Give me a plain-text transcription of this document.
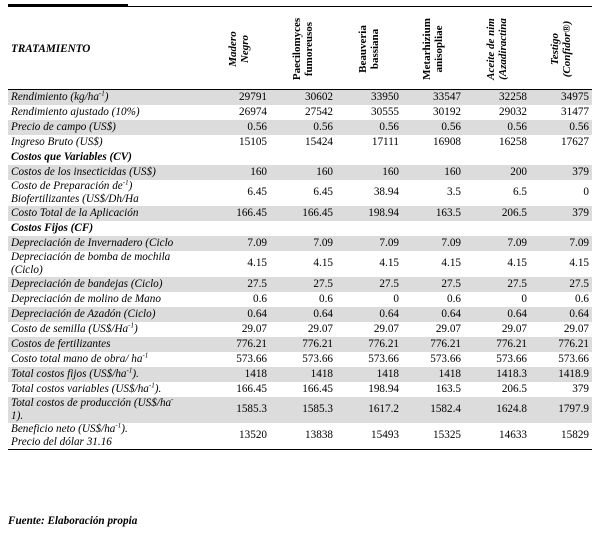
TRATAMIENTO	Madero Negro	Paecilomyces fumoreusos	Beauveria bassiana	Metarhizium anisopliae	Aceite de nim (Azadiractina	Testigo (Confidor®)

Rendimiento $(kg/ha^{-1})$	29791	30602	33950	33547	32258	34975
Rendimiento ajustado (10%)	26974	27542	30555	30192	29032	31477
Precio de campo (US$)	0.56	0.56	0.56	0.56	0.56	0.56
Ingreso Bruto (US$)	15105	15424	17111	16908	16258	17627
Costos que Variables (CV)						
Costos de los insecticidas (US$)	160	160	160	160	200	379
Costo de Preparación $de^{-1}$)
Biofertilizantes (US$/Dh/Ha	6.45	6.45	38.94	3.5	6.5	0
Costo Total de la Aplicación	166.45	166.45	198.94	163.5	206.5	379
Costos Fijos (CF)						
Depreciación de Invernadero (Ciclo	7.09	7.09	7.09	7.09	7.09	7.09
Depreciación de bomba de mochila
(Ciclo)	4.15	4.15	4.15	4.15	4.15	4.15
Depreciación de bandejas (Ciclo)	27.5	27.5	27.5	27.5	27.5	27.5
Depreciación de molino de Mano	0.6	0.6	0	0.6	0	0.6
Depreciación de Azadón (Ciclo)	0.64	0.64	0.64	0.64	0.64	0.64
Costo de semilla $(US\$/Ha^{-1})$	29.07	29.07	29.07	29.07	29.07	29.07
Costos de fertilizantes	776.21	776.21	776.21	776.21	776.21	776.21
Costo total mano de obra/ $ha^{-1}$	573.66	573.66	573.66	573.66	573.66	573.66
Total costos fijos $(US\$/ha^{-1})$.	1418	1418	1418	1418	1418.3	1418.9
Total costos variables $(US\$/ha^{-1})$.	166.45	166.45	198.94	163.5	206.5	379
Total costos de producción (US$/ha-
1).	1585.3	1585.3	1617.2	1582.4	1624.8	1797.9
Beneficio neto $(US\$/ha^{-1})$.
Precio del dólar 31.16	13520	13838	15493	15325	14633	15829
Fuente: Elaboración propia
